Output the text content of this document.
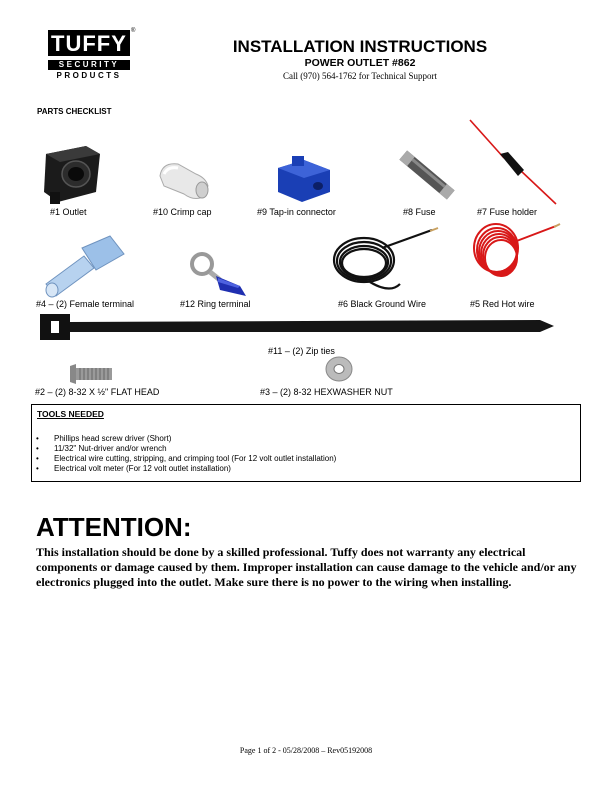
TUFFY ®
SECURITY
PRODUCTS
INSTALLATION INSTRUCTIONS
POWER OUTLET #862
Call (970) 564-1762 for Technical Support
PARTS CHECKLIST
#1 Outlet	#10 Crimp cap	#9 Tap-in connector	#8 Fuse	#7 Fuse holder
#4 – (2) Female terminal	#12 Ring terminal	#6 Black Ground Wire	#5 Red Hot wire
#11 – (2) Zip ties
#2 – (2) 8-32 X ½" FLAT HEAD	#3 – (2) 8-32 HEXWASHER NUT
TOOLS NEEDED
• Phillips head screw driver (Short)
• 11/32" Nut-driver and/or wrench
• Electrical wire cutting, stripping, and crimping tool (For 12 volt outlet installation)
• Electrical volt meter (For 12 volt outlet installation)
ATTENTION:
This installation should be done by a skilled professional. Tuffy does not warranty any electrical components or damage caused by them. Improper installation can cause damage to the vehicle and/or any electronics plugged into the outlet. Make sure there is no power to the wiring when installing.
Page 1 of 2 - 05/28/2008 – Rev05192008
